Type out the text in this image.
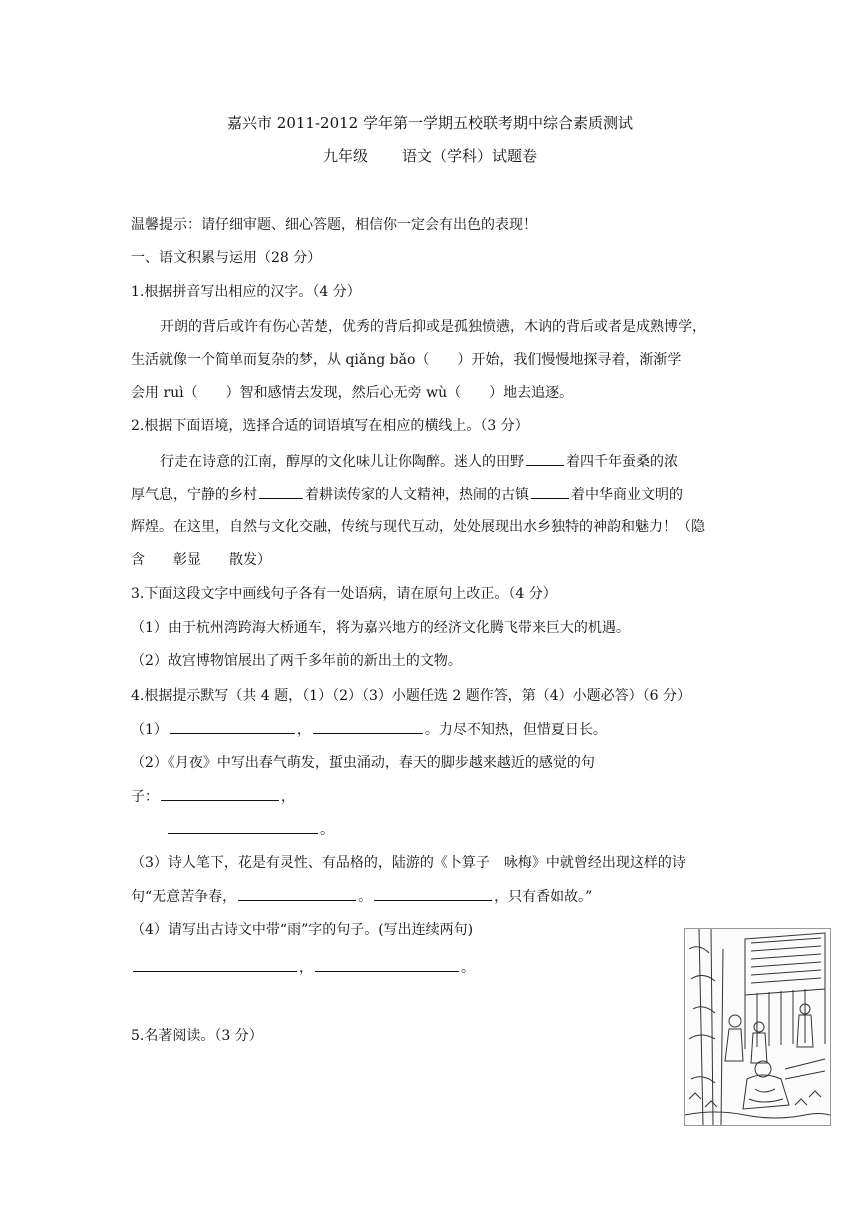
嘉兴市 2011-2012 学年第一学期五校联考期中综合素质测试
九年级 语文（学科）试题卷
温馨提示：请仔细审题、细心答题，相信你一定会有出色的表现！
一、语文积累与运用（28 分）
1.根据拼音写出相应的汉字。（4 分）
开朗的背后或许有伤心苦楚，优秀的背后抑或是孤独愤懑，木讷的背后或者是成熟博学，
生活就像一个简单而复杂的梦，从 qiǎng bǎo（　　）开始，我们慢慢地探寻着，渐渐学
会用 ruì（　　）智和感情去发现，然后心无旁 wù（　　）地去追逐。
2.根据下面语境，选择合适的词语填写在相应的横线上。（3 分）
行走在诗意的江南，醇厚的文化味儿让你陶醉。迷人的田野	着四千年蚕桑的浓
厚气息，宁静的乡村	着耕读传家的人文精神，热闹的古镇	着中华商业文明的
辉煌。在这里，自然与文化交融，传统与现代互动，处处展现出水乡独特的神韵和魅力！（隐
含　　彰显　　散发）
3.下面这段文字中画线句子各有一处语病，请在原句上改正。（4 分）
（1）由于杭州湾跨海大桥通车，将为嘉兴地方的经济文化腾飞带来巨大的机遇。
（2）故宫博物馆展出了两千多年前的新出土的文物。
4.根据提示默写（共 4 题，（1）（2）（3）小题任选 2 题作答，第（4）小题必答）（6 分）
（1）	，	。力尽不知热，但惜夏日长。
（2）《月夜》中写出春气萌发，蜇虫涌动，春天的脚步越来越近的感觉的句
子：	，
。
（3）诗人笔下，花是有灵性、有品格的，陆游的《卜算子　咏梅》中就曾经出现这样的诗
句“无意苦争春，	。	，只有香如故。”
（4）请写出古诗文中带“雨”字的句子。(写出连续两句)
，	。
5.名著阅读。（3 分）
